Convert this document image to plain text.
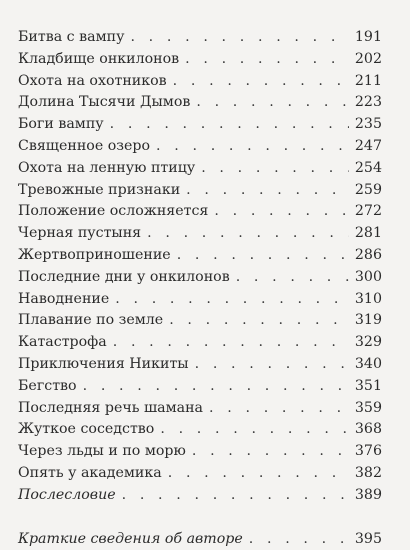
Битва с вампу . . .	191
Кладбище онкилонов . . .	202
Охота на охотников . . .	211
Долина Тысячи Дымов . . .	223
Боги вампу . . .	235
Священное озеро . . .	247
Охота на ленную птицу . . .	254
Тревожные признаки . . .	259
Положение осложняется . . .	272
Черная пустыня . . .	281
Жертвоприношение . . .	286
Последние дни у онкилонов . . .	300
Наводнение . . .	310
Плавание по земле . . .	319
Катастрофа . . .	329
Приключения Никиты . . .	340
Бегство . . .	351
Последняя речь шамана . . .	359
Жуткое соседство . . .	368
Через льды и по морю . . .	376
Опять у академика . . .	382
Послесловие . . .	389
Краткие сведения об авторе . . .	395
